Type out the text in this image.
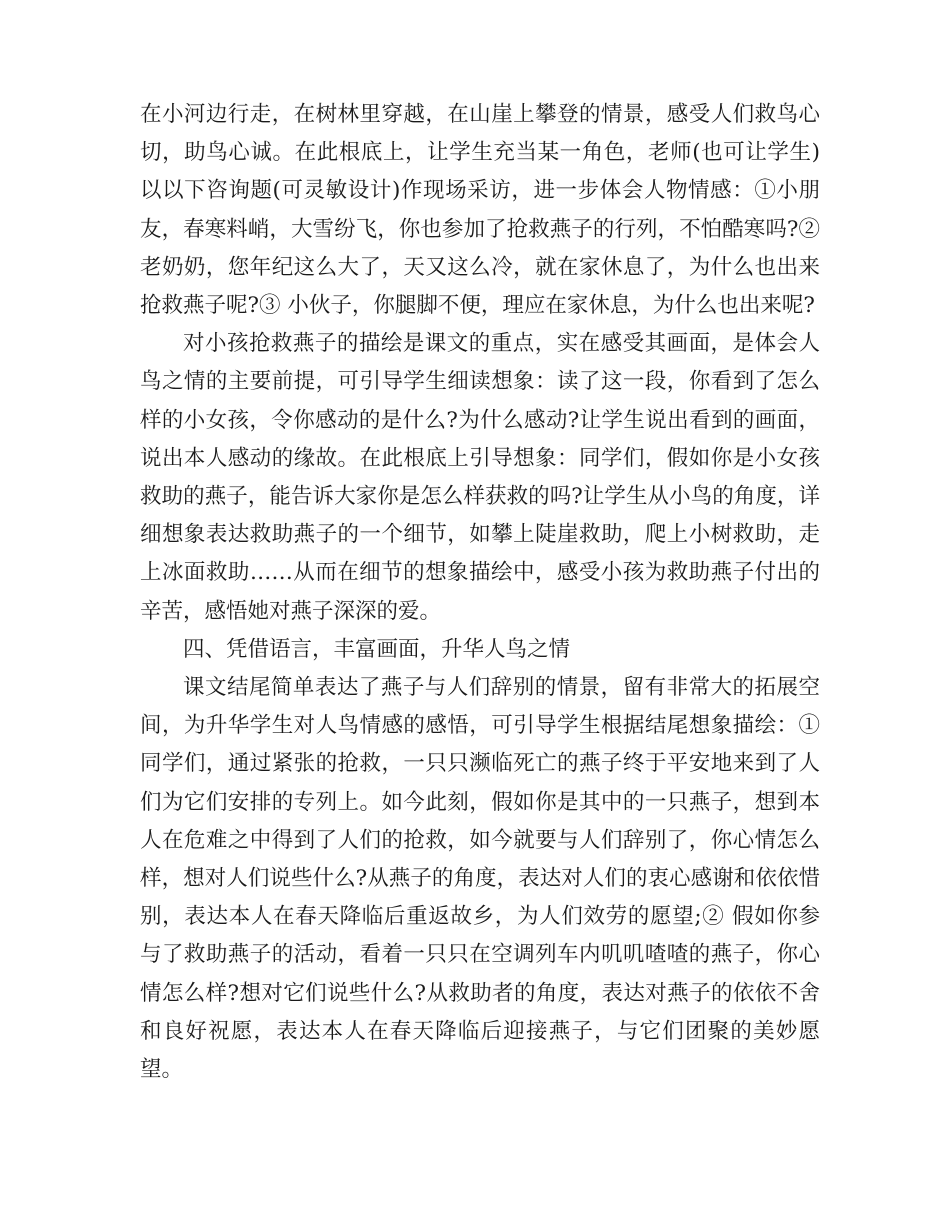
在小河边行走，在树林里穿越，在山崖上攀登的情景，感受人们救鸟心切，助鸟心诚。在此根底上，让学生充当某一角色，老师(也可让学生)以以下咨询题(可灵敏设计)作现场采访，进一步体会人物情感：①小朋友，春寒料峭，大雪纷飞，你也参加了抢救燕子的行列，不怕酷寒吗?② 老奶奶，您年纪这么大了，天又这么冷，就在家休息了，为什么也出来抢救燕子呢?③ 小伙子，你腿脚不便，理应在家休息，为什么也出来呢?

对小孩抢救燕子的描绘是课文的重点，实在感受其画面，是体会人鸟之情的主要前提，可引导学生细读想象：读了这一段，你看到了怎么样的小女孩，令你感动的是什么?为什么感动?让学生说出看到的画面，说出本人感动的缘故。在此根底上引导想象：同学们，假如你是小女孩救助的燕子，能告诉大家你是怎么样获救的吗?让学生从小鸟的角度，详细想象表达救助燕子的一个细节，如攀上陡崖救助，爬上小树救助，走上冰面救助……从而在细节的想象描绘中，感受小孩为救助燕子付出的辛苦，感悟她对燕子深深的爱。

四、凭借语言，丰富画面，升华人鸟之情

课文结尾简单表达了燕子与人们辞别的情景，留有非常大的拓展空间，为升华学生对人鸟情感的感悟，可引导学生根据结尾想象描绘：①同学们，通过紧张的抢救，一只只濒临死亡的燕子终于平安地来到了人们为它们安排的专列上。如今此刻，假如你是其中的一只燕子，想到本人在危难之中得到了人们的抢救，如今就要与人们辞别了，你心情怎么样，想对人们说些什么?从燕子的角度，表达对人们的衷心感谢和依依惜别，表达本人在春天降临后重返故乡，为人们效劳的愿望;② 假如你参与了救助燕子的活动，看着一只只在空调列车内叽叽喳喳的燕子，你心情怎么样?想对它们说些什么?从救助者的角度，表达对燕子的依依不舍和良好祝愿，表达本人在春天降临后迎接燕子，与它们团聚的美妙愿望。
